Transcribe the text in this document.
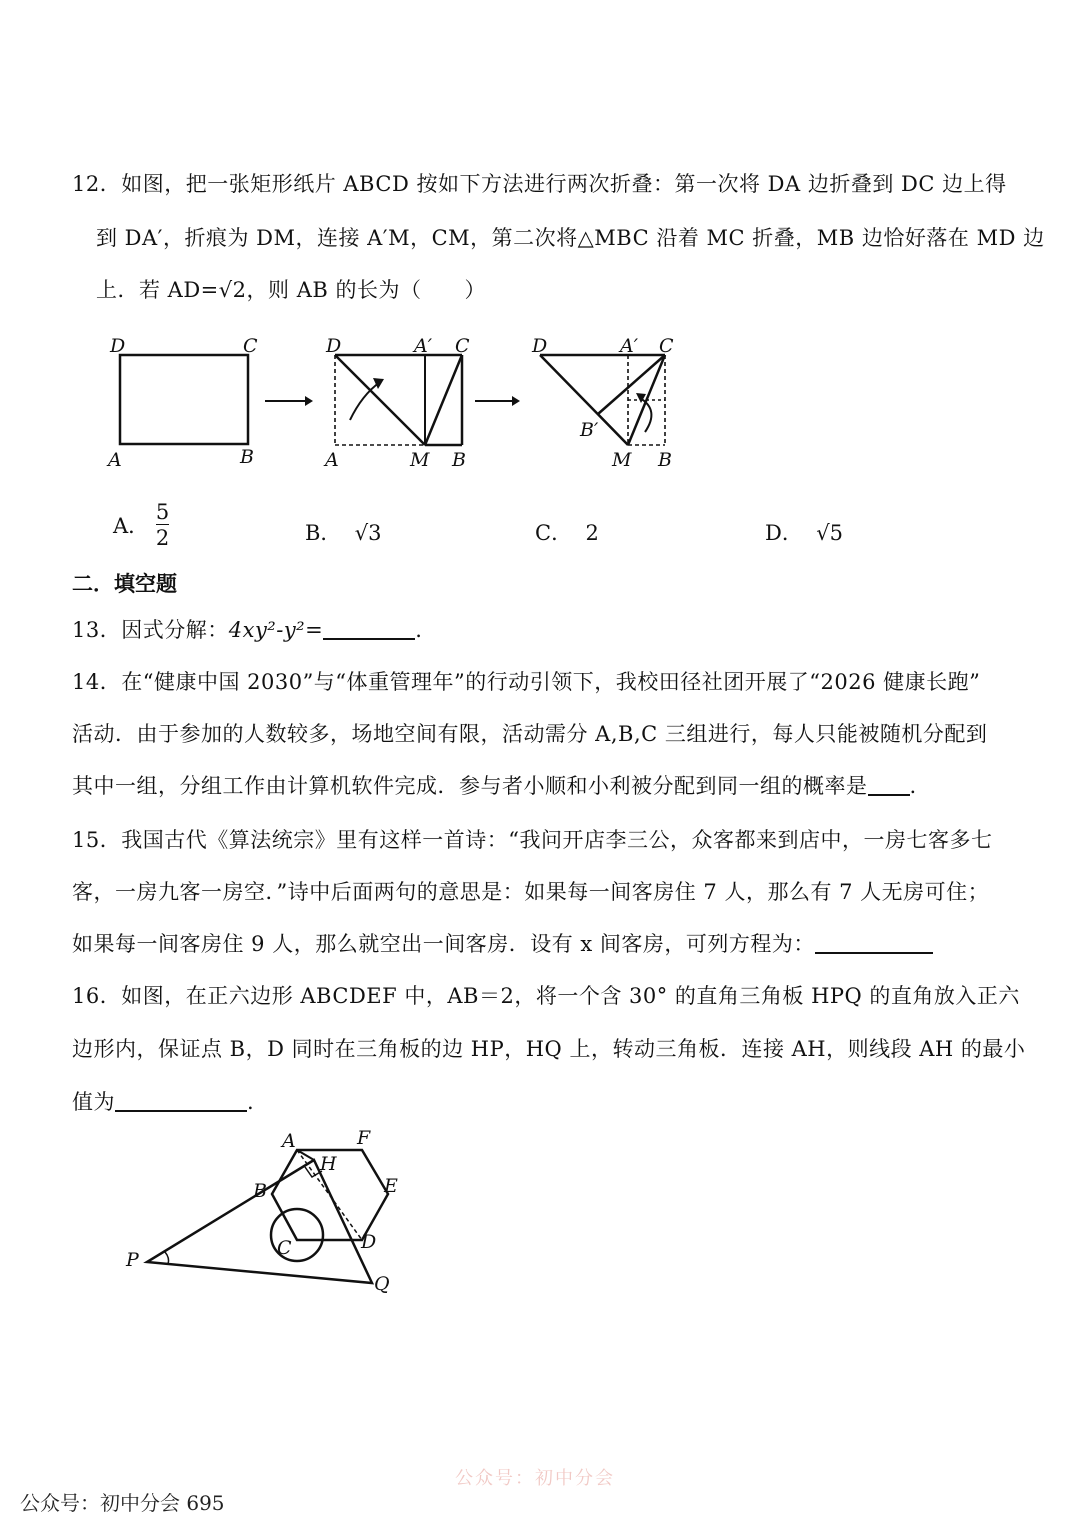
12．如图，把一张矩形纸片 ABCD 按如下方法进行两次折叠：第一次将 DA 边折叠到 DC 边上得
到 DA′，折痕为 DM，连接 A′M，CM，第二次将△MBC 沿着 MC 折叠，MB 边恰好落在 MD 边
上．若 AD=√2，则 AB 的长为（　　）
D	C
A	B
D	A′ C
A	M B
D	A′ C
B′
M B
A． $\frac{5}{2}$	B． √3	C． 2	D． √5
二．填空题
13．因式分解：4xy²-y²=	.
14．在“健康中国 2030”与“体重管理年”的行动引领下，我校田径社团开展了“2026 健康长跑”
活动．由于参加的人数较多，场地空间有限，活动需分 A,B,C 三组进行，每人只能被随机分配到
其中一组，分组工作由计算机软件完成．参与者小顺和小利被分配到同一组的概率是 .
15．我国古代《算法统宗》里有这样一首诗：“我问开店李三公，众客都来到店中，一房七客多七
客，一房九客一房空．”诗中后面两句的意思是：如果每一间客房住 7 人，那么有 7 人无房可住；
如果每一间客房住 9 人，那么就空出一间客房．设有 x 间客房，可列方程为：
16．如图，在正六边形 ABCDEF 中，AB＝2，将一个含 30° 的直角三角板 HPQ 的直角放入正六
边形内，保证点 B，D 同时在三角板的边 HP，HQ 上，转动三角板．连接 AH，则线段 AH 的最小
值为	.
A	F
H
B	E
C	D
P
Q
公众号：初中分会
公众号：初中分会 695
